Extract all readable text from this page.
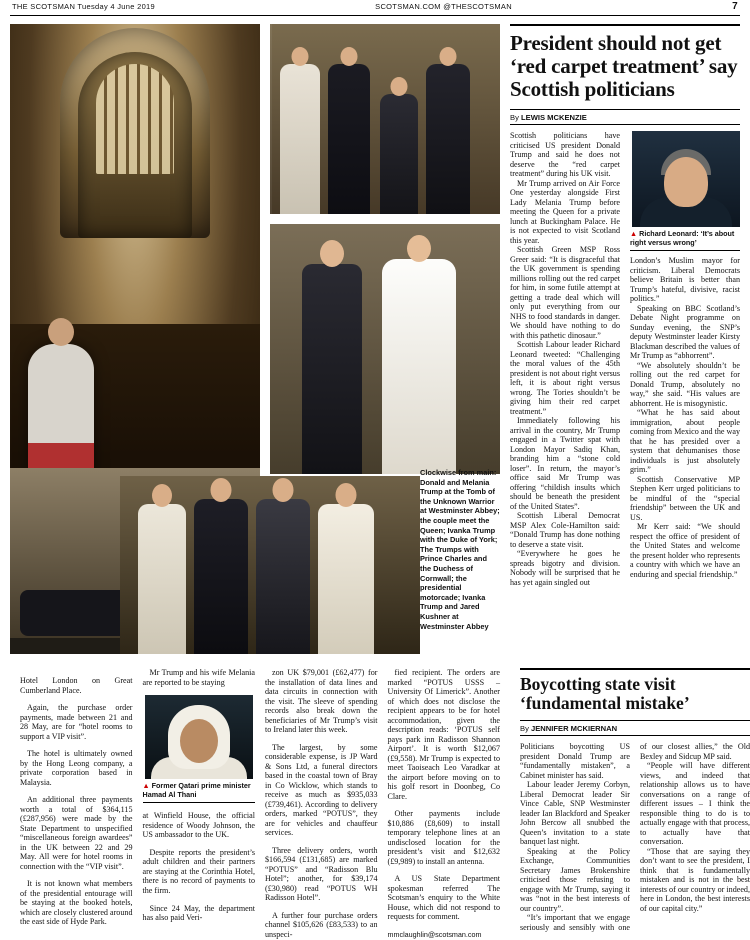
THE SCOTSMAN Tuesday 4 June 2019	SCOTSMAN.COM @THESCOTSMAN	7
Clockwise from main: Donald and Melania Trump at the Tomb of the Unknown Warrior at Westminster Abbey; the couple meet the Queen; Ivanka Trump with the Duke of York; The Trumps with Prince Charles and the Duchess of Cornwall; the presidential motorcade; Ivanka Trump and Jared Kushner at Westminster Abbey
President should not get ‘red carpet treatment’ say Scottish politicians
By LEWIS MCKENZIE

Scottish politicians have criticised US president Donald Trump and said he does not deserve the “red carpet treatment” during his UK visit.

Mr Trump arrived on Air Force One yesterday alongside First Lady Melania Trump before meeting the Queen for a private lunch at Buckingham Palace. He is not expected to visit Scotland this year.

Scottish Green MSP Ross Greer said: “It is disgraceful that the UK government is spending millions rolling out the red carpet for him, in some futile attempt at getting a trade deal which will only put everything from our NHS to food standards in danger. We should have nothing to do with this pathetic dinosaur.”

Scottish Labour leader Richard Leonard tweeted: “Challenging the moral values of the 45th president is not about right versus left, it is about right versus wrong. The Tories shouldn’t be giving him their red carpet treatment.”

Immediately following his arrival in the country, Mr Trump engaged in a Twitter spat with London Mayor Sadiq Khan, branding him a “stone cold loser”. In return, the mayor’s office said Mr Trump was offering “childish insults which should be beneath the president of the United States”.

Scottish Liberal Democrat MSP Alex Cole-Hamilton said: “Donald Trump has done nothing to deserve a state visit.

“Everywhere he goes he spreads bigotry and division. Nobody will be surprised that he has yet again singled out

▲ Richard Leonard: ‘It’s about right versus wrong’

London’s Muslim mayor for criticism. Liberal Democrats believe Britain is better than Trump’s hateful, divisive, racist politics.”

Speaking on BBC Scotland’s Debate Night programme on Sunday evening, the SNP’s deputy Westminster leader Kirsty Blackman described the values of Mr Trump as “abhorrent”.

“We absolutely shouldn’t be rolling out the red carpet for Donald Trump, absolutely no way,” she said. “His values are abhorrent. He is misogynistic.

“What he has said about immigration, about people coming from Mexico and the way that he has presided over a system that dehumanises those individuals is just absolutely grim.”

Scottish Conservative MP Stephen Kerr urged politicians to be mindful of the “special friendship” between the UK and US.

Mr Kerr said: “We should respect the office of president of the United States and welcome the present holder who represents a country with which we have an enduring and special friendship.”

Hotel London on Great Cumberland Place.

Again, the purchase order payments, made between 21 and 28 May, are for “hotel rooms to support a VIP visit”.

The hotel is ultimately owned by the Hong Leong company, a private corporation based in Malaysia.

An additional three payments worth a total of $364,115 (£287,956) were made by the State Department to unspecified “miscellaneous foreign awardees” in the UK between 22 and 29 May. All were for hotel rooms in connection with the “VIP visit”.

It is not known what members of the presidential entourage will be staying at the booked hotels, which are closely clustered around the east side of Hyde Park.

Mr Trump and his wife Melania are reported to be staying

▲ Former Qatari prime minister Hamad Al Thani

at Winfield House, the official residence of Woody Johnson, the US ambassador to the UK.

Despite reports the president’s adult children and their partners are staying at the Corinthia Hotel, there is no record of payments to the firm.

Since 24 May, the department has also paid Veri-

zon UK $79,001 (£62,477) for the installation of data lines and data circuits in connection with the visit. The sleeve of spending records also break down the beneficiaries of Mr Trump’s visit to Ireland later this week.

The largest, by some considerable expense, is JP Ward & Sons Ltd, a funeral directors based in the coastal town of Bray in Co Wicklow, which stands to receive as much as $935,033 (£739,461). According to delivery orders, marked “POTUS”, they are for vehicles and chauffeur services.

Three delivery orders, worth $166,594 (£131,685) are marked “POTUS” and “Radisson Blu Hotel”; another, for $39,174 (£30,980) read “POTUS WH Radisson Hotel”.

A further four purchase orders channel $105,626 (£83,533) to an unspeci-

fied recipient. The orders are marked “POTUS USSS – University Of Limerick”. Another of which does not disclose the recipient appears to be for hotel accommodation, given the description reads: ‘POTUS self pays park inn Radisson Shannon Airport’. It is worth $12,067 (£9,558). Mr Trump is expected to meet Taoiseach Leo Varadkar at the airport before moving on to his golf resort in Doonbeg, Co Clare.

Other payments include $10,886 (£8,609) to install temporary telephone lines at an undisclosed location for the president’s visit and $12,632 (£9,989) to install an antenna.

A US State Department spokesman referred The Scotsman’s enquiry to the White House, which did not respond to requests for comment.

mmclaughlin@scotsman.com

Boycotting state visit ‘fundamental mistake’
By JENNIFER MCKIERNAN

Politicians boycotting US president Donald Trump are “fundamentally mistaken”, a Cabinet minister has said.

Labour leader Jeremy Corbyn, Liberal Democrat leader Sir Vince Cable, SNP Westminster leader Ian Blackford and Speaker John Bercow all snubbed the Queen’s invitation to a state banquet last night.

Speaking at the Policy Exchange, Communities Secretary James Brokenshire criticised those refusing to engage with Mr Trump, saying it was “not in the best interests of our country”.

“It’s important that we engage seriously and sensibly with one of our closest allies,” the Old Bexley and Sidcup MP said.

“People will have different views, and indeed that relationship allows us to have conversations on a range of different issues – I think the responsible thing to do is to actually engage with that process, to actually have that conversation.

“Those that are saying they don’t want to see the president, I think that is fundamentally mistaken and is not in the best interests of our country or indeed, here in London, the best interests of our capital city.”
